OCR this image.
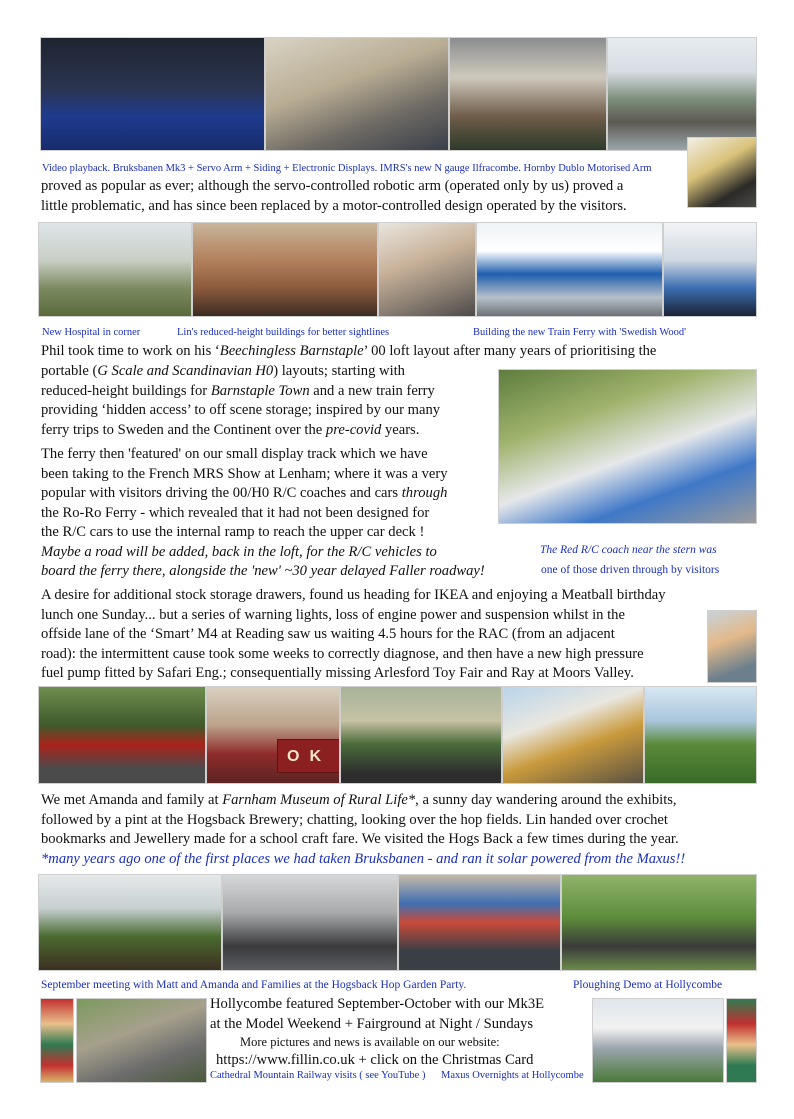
Video playback. Bruksbanen Mk3 + Servo Arm + Siding + Electronic Displays. IMRS's new N gauge Ilfracombe. Hornby Dublo Motorised Arm
proved as popular as ever; although the servo-controlled robotic arm (operated only by us) proved a
little problematic, and has since been replaced by a motor-controlled design operated by the visitors.
New Hospital in corner	Lin's reduced-height buildings for better sightlines	Building the new Train Ferry with 'Swedish Wood'
Phil took time to work on his ‘Beechingless Barnstaple’ 00 loft layout after many years of prioritising the
portable (G Scale and Scandinavian H0) layouts; starting with
reduced-height buildings for Barnstaple Town and a new train ferry
providing ‘hidden access’ to off scene storage; inspired by our many
ferry trips to Sweden and the Continent over the pre-covid years.
The ferry then 'featured' on our small display track which we have
been taking to the French MRS Show at Lenham; where it was a very
popular with visitors driving the 00/H0 R/C coaches and cars through
the Ro-Ro Ferry - which revealed that it had not been designed for
the R/C cars to use the internal ramp to reach the upper car deck !
Maybe a road will be added, back in the loft, for the R/C vehicles to
board the ferry there, alongside the 'new' ~30 year delayed Faller roadway!
The Red R/C coach near the stern was
one of those driven through by visitors
A desire for additional stock storage drawers, found us heading for IKEA and enjoying a Meatball birthday
lunch one Sunday... but a series of warning lights, loss of engine power and suspension whilst in the
offside lane of the ‘Smart’ M4 at Reading saw us waiting 4.5 hours for the RAC (from an adjacent
road): the intermittent cause took some weeks to correctly diagnose, and then have a new high pressure
fuel pump fitted by Safari Eng.; consequentially missing Arlesford Toy Fair and Ray at Moors Valley.
OK
We met Amanda and family at Farnham Museum of Rural Life*, a sunny day wandering around the exhibits,
followed by a pint at the Hogsback Brewery; chatting, looking over the hop fields. Lin handed over crochet
bookmarks and Jewellery made for a school craft fare. We visited the Hogs Back a few times during the year.
*many years ago one of the first places we had taken Bruksbanen - and ran it solar powered from the Maxus!!
September meeting with Matt and Amanda and Families at the Hogsback Hop Garden Party.	Ploughing Demo at Hollycombe
Hollycombe featured September-October with our Mk3E
at the Model Weekend + Fairground at Night / Sundays
More pictures and news is available on our website:
https://www.fillin.co.uk + click on the Christmas Card
Cathedral Mountain Railway visits ( see YouTube ) Maxus Overnights at Hollycombe
